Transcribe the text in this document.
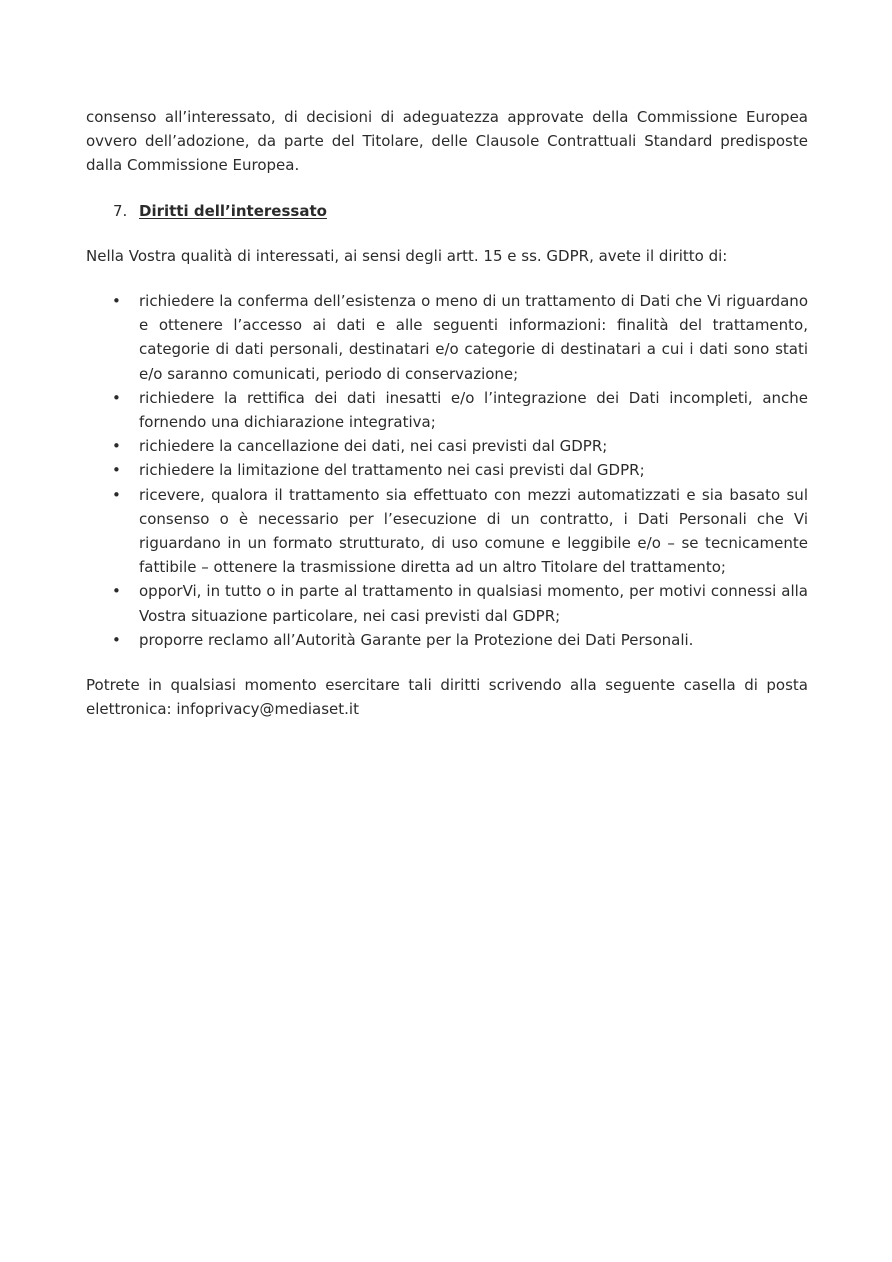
consenso all’interessato, di decisioni di adeguatezza approvate della Commissione Europea ovvero dell’adozione, da parte del Titolare, delle Clausole Contrattuali Standard predisposte dalla Commissione Europea.

7. Diritti dell’interessato

Nella Vostra qualità di interessati, ai sensi degli artt. 15 e ss. GDPR, avete il diritto di:

• richiedere la conferma dell’esistenza o meno di un trattamento di Dati che Vi riguardano e ottenere l’accesso ai dati e alle seguenti informazioni: finalità del trattamento, categorie di dati personali, destinatari e/o categorie di destinatari a cui i dati sono stati e/o saranno comunicati, periodo di conservazione;
• richiedere la rettifica dei dati inesatti e/o l’integrazione dei Dati incompleti, anche fornendo una dichiarazione integrativa;
• richiedere la cancellazione dei dati, nei casi previsti dal GDPR;
• richiedere la limitazione del trattamento nei casi previsti dal GDPR;
• ricevere, qualora il trattamento sia effettuato con mezzi automatizzati e sia basato sul consenso o è necessario per l’esecuzione di un contratto, i Dati Personali che Vi riguardano in un formato strutturato, di uso comune e leggibile e/o – se tecnicamente fattibile – ottenere la trasmissione diretta ad un altro Titolare del trattamento;
• opporVi, in tutto o in parte al trattamento in qualsiasi momento, per motivi connessi alla Vostra situazione particolare, nei casi previsti dal GDPR;
• proporre reclamo all’Autorità Garante per la Protezione dei Dati Personali.

Potrete in qualsiasi momento esercitare tali diritti scrivendo alla seguente casella di posta elettronica: infoprivacy@mediaset.it
